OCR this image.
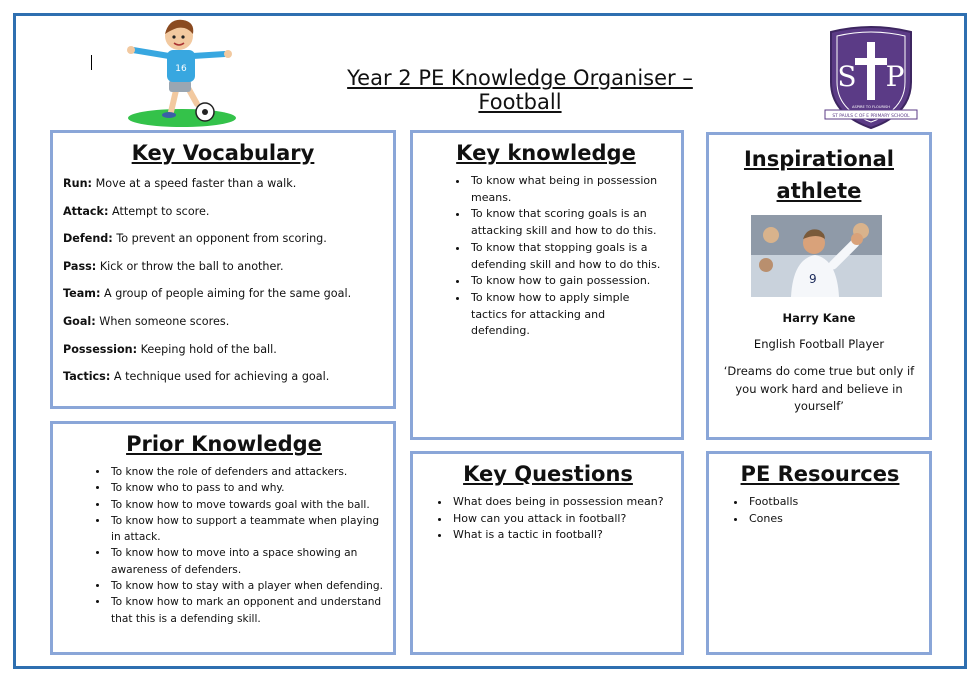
16	Year 2 PE Knowledge Organiser – Football
S P
ASPIRE TO FLOURISH
ST PAULS C OF E PRIMARY SCHOOL
Key Vocabulary

Run: Move at a speed faster than a walk.

Attack: Attempt to score.

Defend: To prevent an opponent from scoring.

Pass: Kick or throw the ball to another.

Team: A group of people aiming for the same goal.

Goal: When someone scores.

Possession: Keeping hold of the ball.

Tactics: A technique used for achieving a goal.

Key knowledge
• To know what being in possession means.
• To know that scoring goals is an attacking skill and how to do this.
• To know that stopping goals is a defending skill and how to do this.
• To know how to gain possession.
• To know how to apply simple tactics for attacking and defending.
Inspirational
athlete
9
Harry Kane
English Football Player
‘Dreams do come true but only if you work hard and believe in yourself’
Prior Knowledge
• To know the role of defenders and attackers.
• To know who to pass to and why.
• To know how to move towards goal with the ball.
• To know how to support a teammate when playing in attack.
• To know how to move into a space showing an awareness of defenders.
• To know how to stay with a player when defending.
• To know how to mark an opponent and understand that this is a defending skill.
Key Questions
• What does being in possession mean?
• How can you attack in football?
• What is a tactic in football?
PE Resources
• Footballs
• Cones
